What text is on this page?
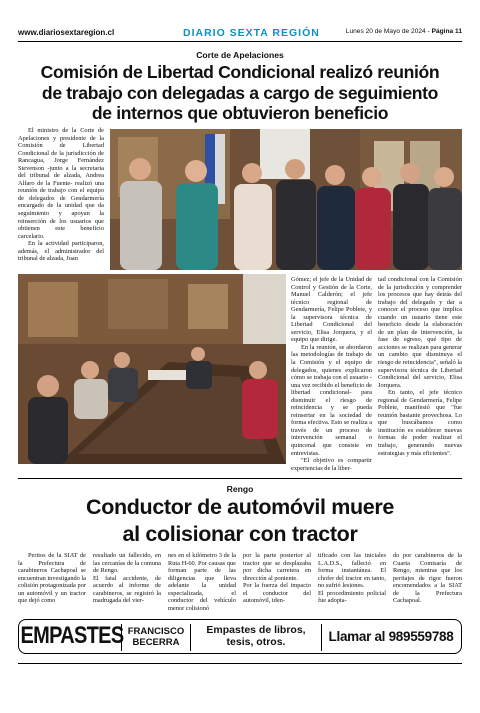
www.diariosextaregion.cl	DIARIO SEXTA REGIÓN	Lunes 20 de Mayo de 2024 - Página 11
Corte de Apelaciones
Comisión de Libertad Condicional realizó reunión
de trabajo con delegadas a cargo de seguimiento
de internos que obtuvieron beneficio

El ministro de la Corte de Apelaciones y presidente de la Comisión de Libertad Condicional de la jurisdicción de Rancagua, Jorge Fernández Stevenson -junto a la secretaria del tribunal de alzada, Andrea Alfaro de la Fuente- realizó una reunión de trabajo con el equipo de delegados de Gendarmería encargado de la unidad que da seguimiento y apoyan la reinserción de los usuarios que obtienen este beneficio carcelario.

En la actividad participaron, además, el administrador del tribunal de alzada, Juan

Gómez; el jefe de la Unidad de Control y Gestión de la Corte, Manuel Calderón; el jefe técnico regional de Gendarmería, Felipe Poblete, y la supervisora técnica de Libertad Condicional del servicio, Elisa Jorquera, y el equipo que dirige.

En la reunión, se abordaron las metodologías de trabajo de la Comisión y el equipo de delegados, quienes explicaron cómo se trabaja con el usuario -una vez recibido el beneficio de libertad condicional- para disminuir el riesgo de reincidencia y se pueda reinsertar en la sociedad de forma efectiva. Esto se realiza a través de un proceso de intervención semanal o quincenal que consiste en entrevistas.

"El objetivo es compartir experiencias de la liber-

tad condicional con la Comisión de la jurisdicción y comprender los procesos que hay detrás del trabajo del delegado y dar a conocer el proceso que implica cuando un usuario tiene este beneficio desde la elaboración de un plan de intervención, la fase de egreso, qué tipo de acciones se realizan para generar un cambio que disminuya el riesgo de reincidencia", señaló la supervisora técnica de Libertad Condicional del servicio, Elisa Jorquera.

En tanto, el jefe técnico regional de Gendarmería, Felipe Poblete, manifestó que "fue reunión bastante provechosa. Lo que buscábamos como institución es establecer nuevas formas de poder realizar el trabajo, generando nuevas estrategias y más eficientes".

Rengo
Conductor de automóvil muere
al colisionar con tractor

Peritos de la SIAT de la Prefectura de carabineros Cachapoal se encuentran investigando la colisión protagonizada por un automóvil y un tractor que dejó como

resultado un fallecido, en las cercanías de la comuna de Rengo.
El fatal accidente, de acuerdo al informe de carabineros, se registró la madrugada del vier-

nes en el kilómetro 3 de la Ruta H-60. Por causas que forman parte de las diligencias que lleva adelante la unidad especializada, el conductor del vehículo menor colisionó

por la parte posterior al tractor que se desplazaba por dicha carretera en dirección al poniente.
Por la fuerza del impacto el conductor del automóvil, iden-

tificado con las iniciales L.A.D.S., falleció en forma instantánea. El chofer del tractor en tanto, no sufrió lesiones.
El procedimiento policial fue adopta-

do por carabineros de la Cuarta Comisaría de Rengo, mientras que los peritajes de rigor fueron encomendados a la SIAT de la Prefectura Cachapoal.

EMPASTES FRANCISCO
BECERRA
Empastes de libros,
tesis, otros.	Llamar al 989559788
